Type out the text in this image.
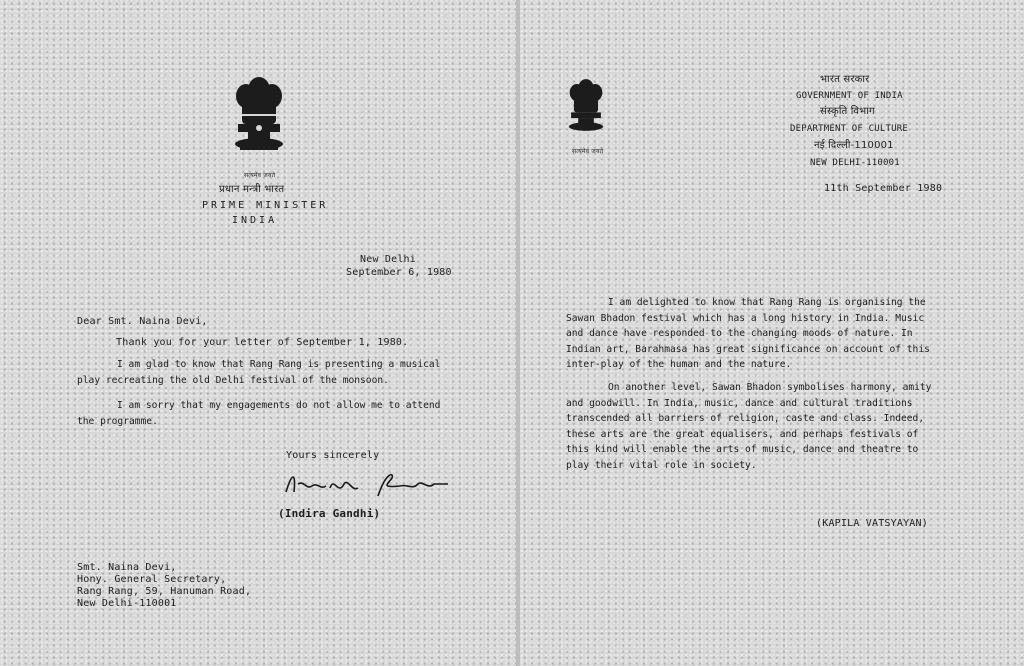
सत्यमेव जयते
प्रधान मन्त्री भारत
PRIME MINISTER
INDIA
New Delhi
September 6, 1980
Dear Smt. Naina Devi,
Thank you for your letter of September 1, 1980.
I am glad to know that Rang Rang is presenting a musical play recreating the old Delhi festival of the monsoon.
I am sorry that my engagements do not allow me to attend the programme.
Yours sincerely
(Indira Gandhi)
Smt. Naina Devi,
Hony. General Secretary,
Rang Rang, 59, Hanuman Road,
New Delhi-110001
सत्यमेव जयते
भारत सरकार
GOVERNMENT OF INDIA
संस्कृति विभाग
DEPARTMENT OF CULTURE
नई दिल्ली-110001
NEW DELHI-110001
11th September 1980
I am delighted to know that Rang Rang is organising the Sawan Bhadon festival which has a long history in India. Music and dance have responded to the changing moods of nature. In Indian art, Barahmasa has great significance on account of this inter-play of the human and the nature.
On another level, Sawan Bhadon symbolises harmony, amity and goodwill. In India, music, dance and cultural traditions transcended all barriers of religion, caste and class. Indeed, these arts are the great equalisers, and perhaps festivals of this kind will enable the arts of music, dance and theatre to play their vital role in society.
(KAPILA VATSYAYAN)
